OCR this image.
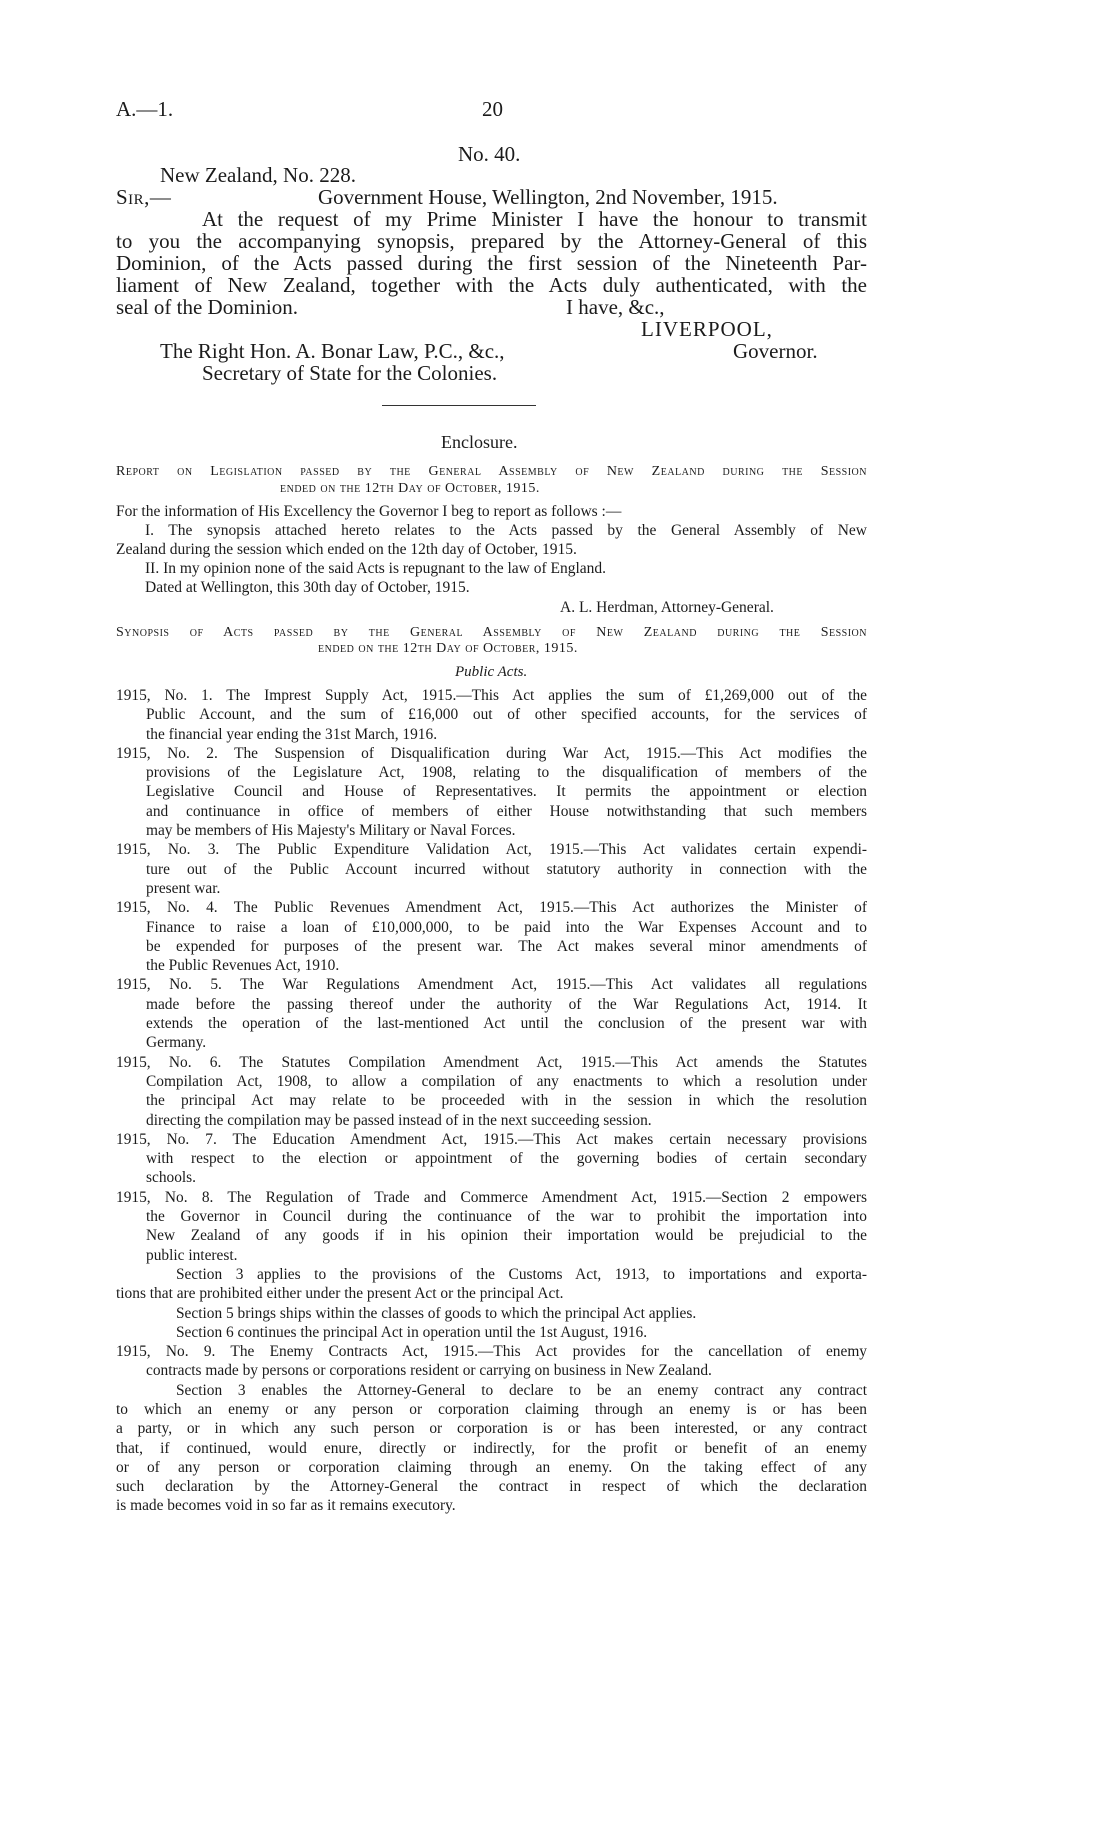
A.—1.	20
No. 40.
New Zealand, No. 228.
Sir,—	Government House, Wellington, 2nd November, 1915.
At the request of my Prime Minister I have the honour to transmit
to you the accompanying synopsis, prepared by the Attorney-General of this
Dominion, of the Acts passed during the first session of the Nineteenth Par-
liament of New Zealand, together with the Acts duly authenticated, with the
seal of the Dominion.	I have, &c.,
LIVERPOOL,
The Right Hon. A. Bonar Law, P.C., &c.,	Governor.
Secretary of State for the Colonies.
Enclosure.
Report on Legislation passed by the General Assembly of New Zealand during the Session
ended on the 12th Day of October, 1915.
For the information of His Excellency the Governor I beg to report as follows :—
I. The synopsis attached hereto relates to the Acts passed by the General Assembly of New
Zealand during the session which ended on the 12th day of October, 1915.
II. In my opinion none of the said Acts is repugnant to the law of England.
Dated at Wellington, this 30th day of October, 1915.
A. L. Herdman, Attorney-General.
Synopsis of Acts passed by the General Assembly of New Zealand during the Session
ended on the 12th Day of October, 1915.
Public Acts.
1915, No. 1. The Imprest Supply Act, 1915.—This Act applies the sum of £1,269,000 out of the
Public Account, and the sum of £16,000 out of other specified accounts, for the services of
the financial year ending the 31st March, 1916.
1915, No. 2. The Suspension of Disqualification during War Act, 1915.—This Act modifies the
provisions of the Legislature Act, 1908, relating to the disqualification of members of the
Legislative Council and House of Representatives. It permits the appointment or election
and continuance in office of members of either House notwithstanding that such members
may be members of His Majesty's Military or Naval Forces.
1915, No. 3. The Public Expenditure Validation Act, 1915.—This Act validates certain expendi-
ture out of the Public Account incurred without statutory authority in connection with the
present war.
1915, No. 4. The Public Revenues Amendment Act, 1915.—This Act authorizes the Minister of
Finance to raise a loan of £10,000,000, to be paid into the War Expenses Account and to
be expended for purposes of the present war. The Act makes several minor amendments of
the Public Revenues Act, 1910.
1915, No. 5. The War Regulations Amendment Act, 1915.—This Act validates all regulations
made before the passing thereof under the authority of the War Regulations Act, 1914. It
extends the operation of the last-mentioned Act until the conclusion of the present war with
Germany.
1915, No. 6. The Statutes Compilation Amendment Act, 1915.—This Act amends the Statutes
Compilation Act, 1908, to allow a compilation of any enactments to which a resolution under
the principal Act may relate to be proceeded with in the session in which the resolution
directing the compilation may be passed instead of in the next succeeding session.
1915, No. 7. The Education Amendment Act, 1915.—This Act makes certain necessary provisions
with respect to the election or appointment of the governing bodies of certain secondary
schools.
1915, No. 8. The Regulation of Trade and Commerce Amendment Act, 1915.—Section 2 empowers
the Governor in Council during the continuance of the war to prohibit the importation into
New Zealand of any goods if in his opinion their importation would be prejudicial to the
public interest.
Section 3 applies to the provisions of the Customs Act, 1913, to importations and exporta-
tions that are prohibited either under the present Act or the principal Act.
Section 5 brings ships within the classes of goods to which the principal Act applies.
Section 6 continues the principal Act in operation until the 1st August, 1916.
1915, No. 9. The Enemy Contracts Act, 1915.—This Act provides for the cancellation of enemy
contracts made by persons or corporations resident or carrying on business in New Zealand.
Section 3 enables the Attorney-General to declare to be an enemy contract any contract
to which an enemy or any person or corporation claiming through an enemy is or has been
a party, or in which any such person or corporation is or has been interested, or any contract
that, if continued, would enure, directly or indirectly, for the profit or benefit of an enemy
or of any person or corporation claiming through an enemy. On the taking effect of any
such declaration by the Attorney-General the contract in respect of which the declaration
is made becomes void in so far as it remains executory.
